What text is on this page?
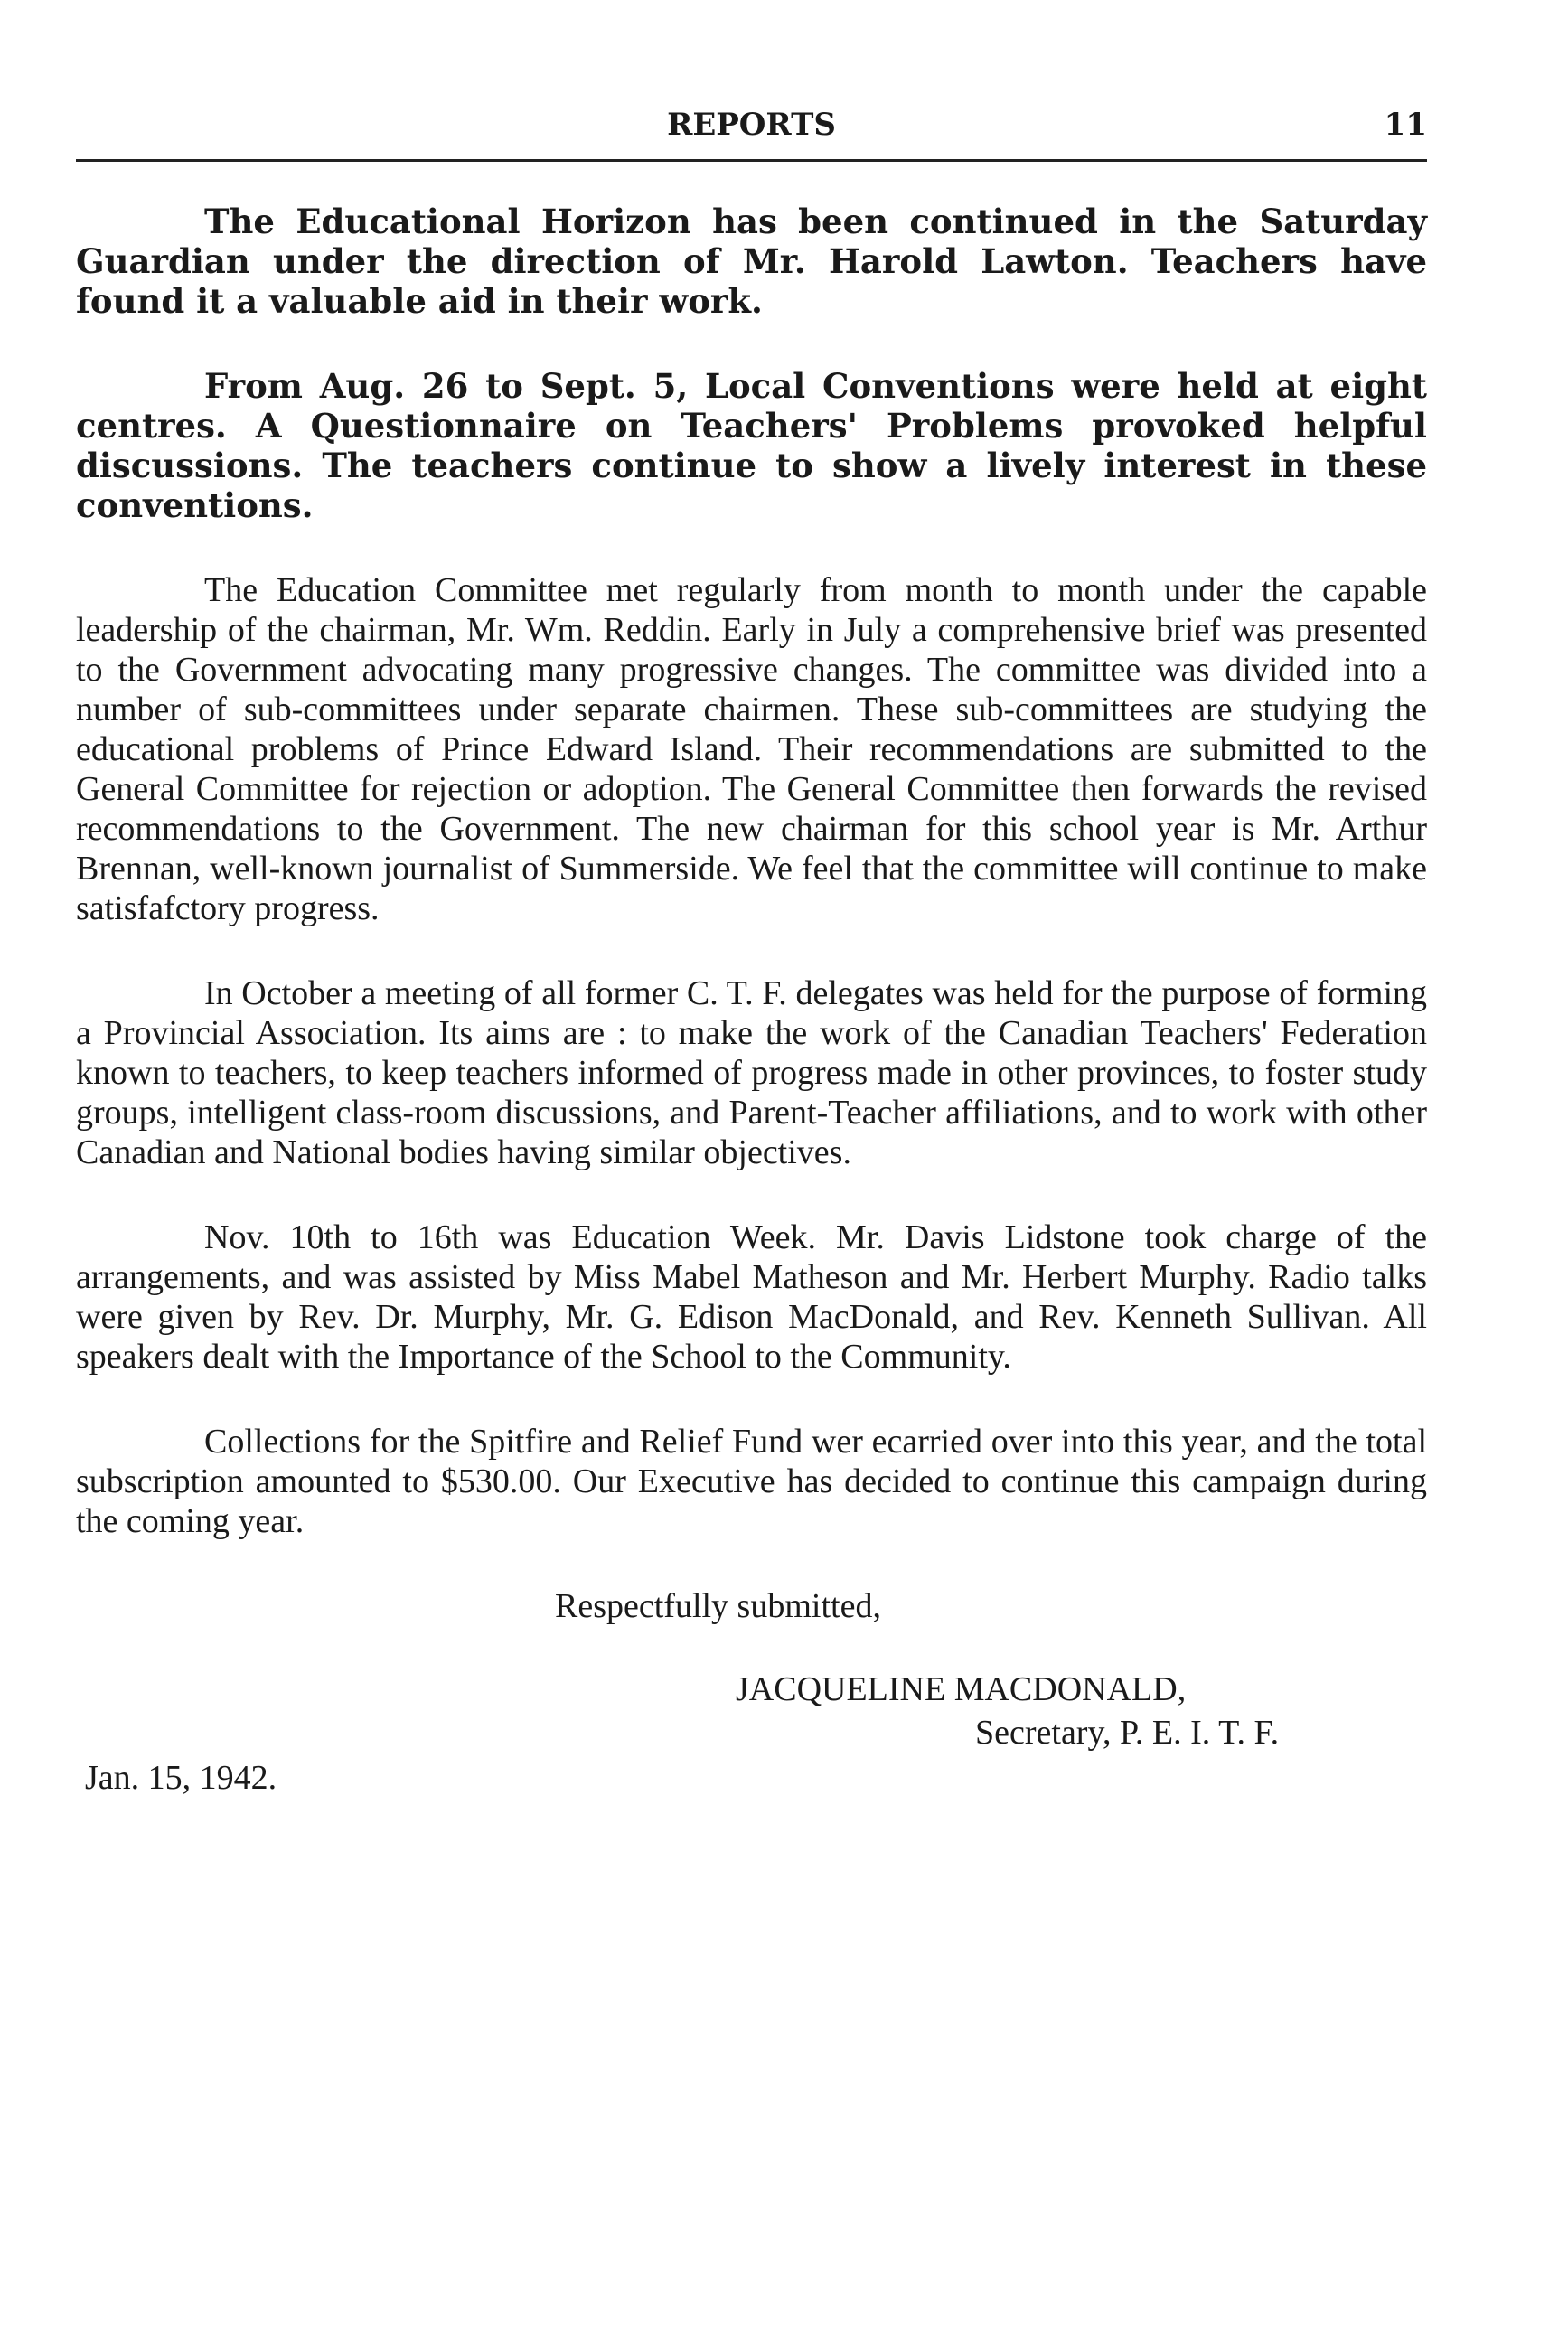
REPORTS	11

The Educational Horizon has been continued in the Saturday Guardian under the direction of Mr. Harold Lawton. Teachers have found it a valuable aid in their work.

From Aug. 26 to Sept. 5, Local Conventions were held at eight centres. A Questionnaire on Teachers' Problems provoked helpful discussions. The teachers continue to show a lively interest in these conventions.

The Education Committee met regularly from month to month under the capable leadership of the chairman, Mr. Wm. Reddin. Early in July a comprehensive brief was presented to the Government advocating many progressive changes. The committee was divided into a number of sub-committees under separate chairmen. These sub-committees are studying the educational problems of Prince Edward Island. Their recommendations are submitted to the General Committee for rejection or adoption. The General Committee then forwards the revised recommendations to the Government. The new chairman for this school year is Mr. Arthur Brennan, well-known journalist of Summerside. We feel that the committee will continue to make satisfafctory progress.

In October a meeting of all former C. T. F. delegates was held for the purpose of forming a Provincial Association. Its aims are : to make the work of the Canadian Teachers' Federation known to teachers, to keep teachers informed of progress made in other provinces, to foster study groups, intelligent class-room discussions, and Parent-Teacher affiliations, and to work with other Canadian and National bodies having similar objectives.

Nov. 10th to 16th was Education Week. Mr. Davis Lidstone took charge of the arrangements, and was assisted by Miss Mabel Matheson and Mr. Herbert Murphy. Radio talks were given by Rev. Dr. Murphy, Mr. G. Edison MacDonald, and Rev. Kenneth Sullivan. All speakers dealt with the Importance of the School to the Community.

Collections for the Spitfire and Relief Fund wer ecarried over into this year, and the total subscription amounted to $530.00. Our Executive has decided to continue this campaign during the coming year.

Respectfully submitted,
JACQUELINE MACDONALD,
Secretary, P. E. I. T. F.
Jan. 15, 1942.
